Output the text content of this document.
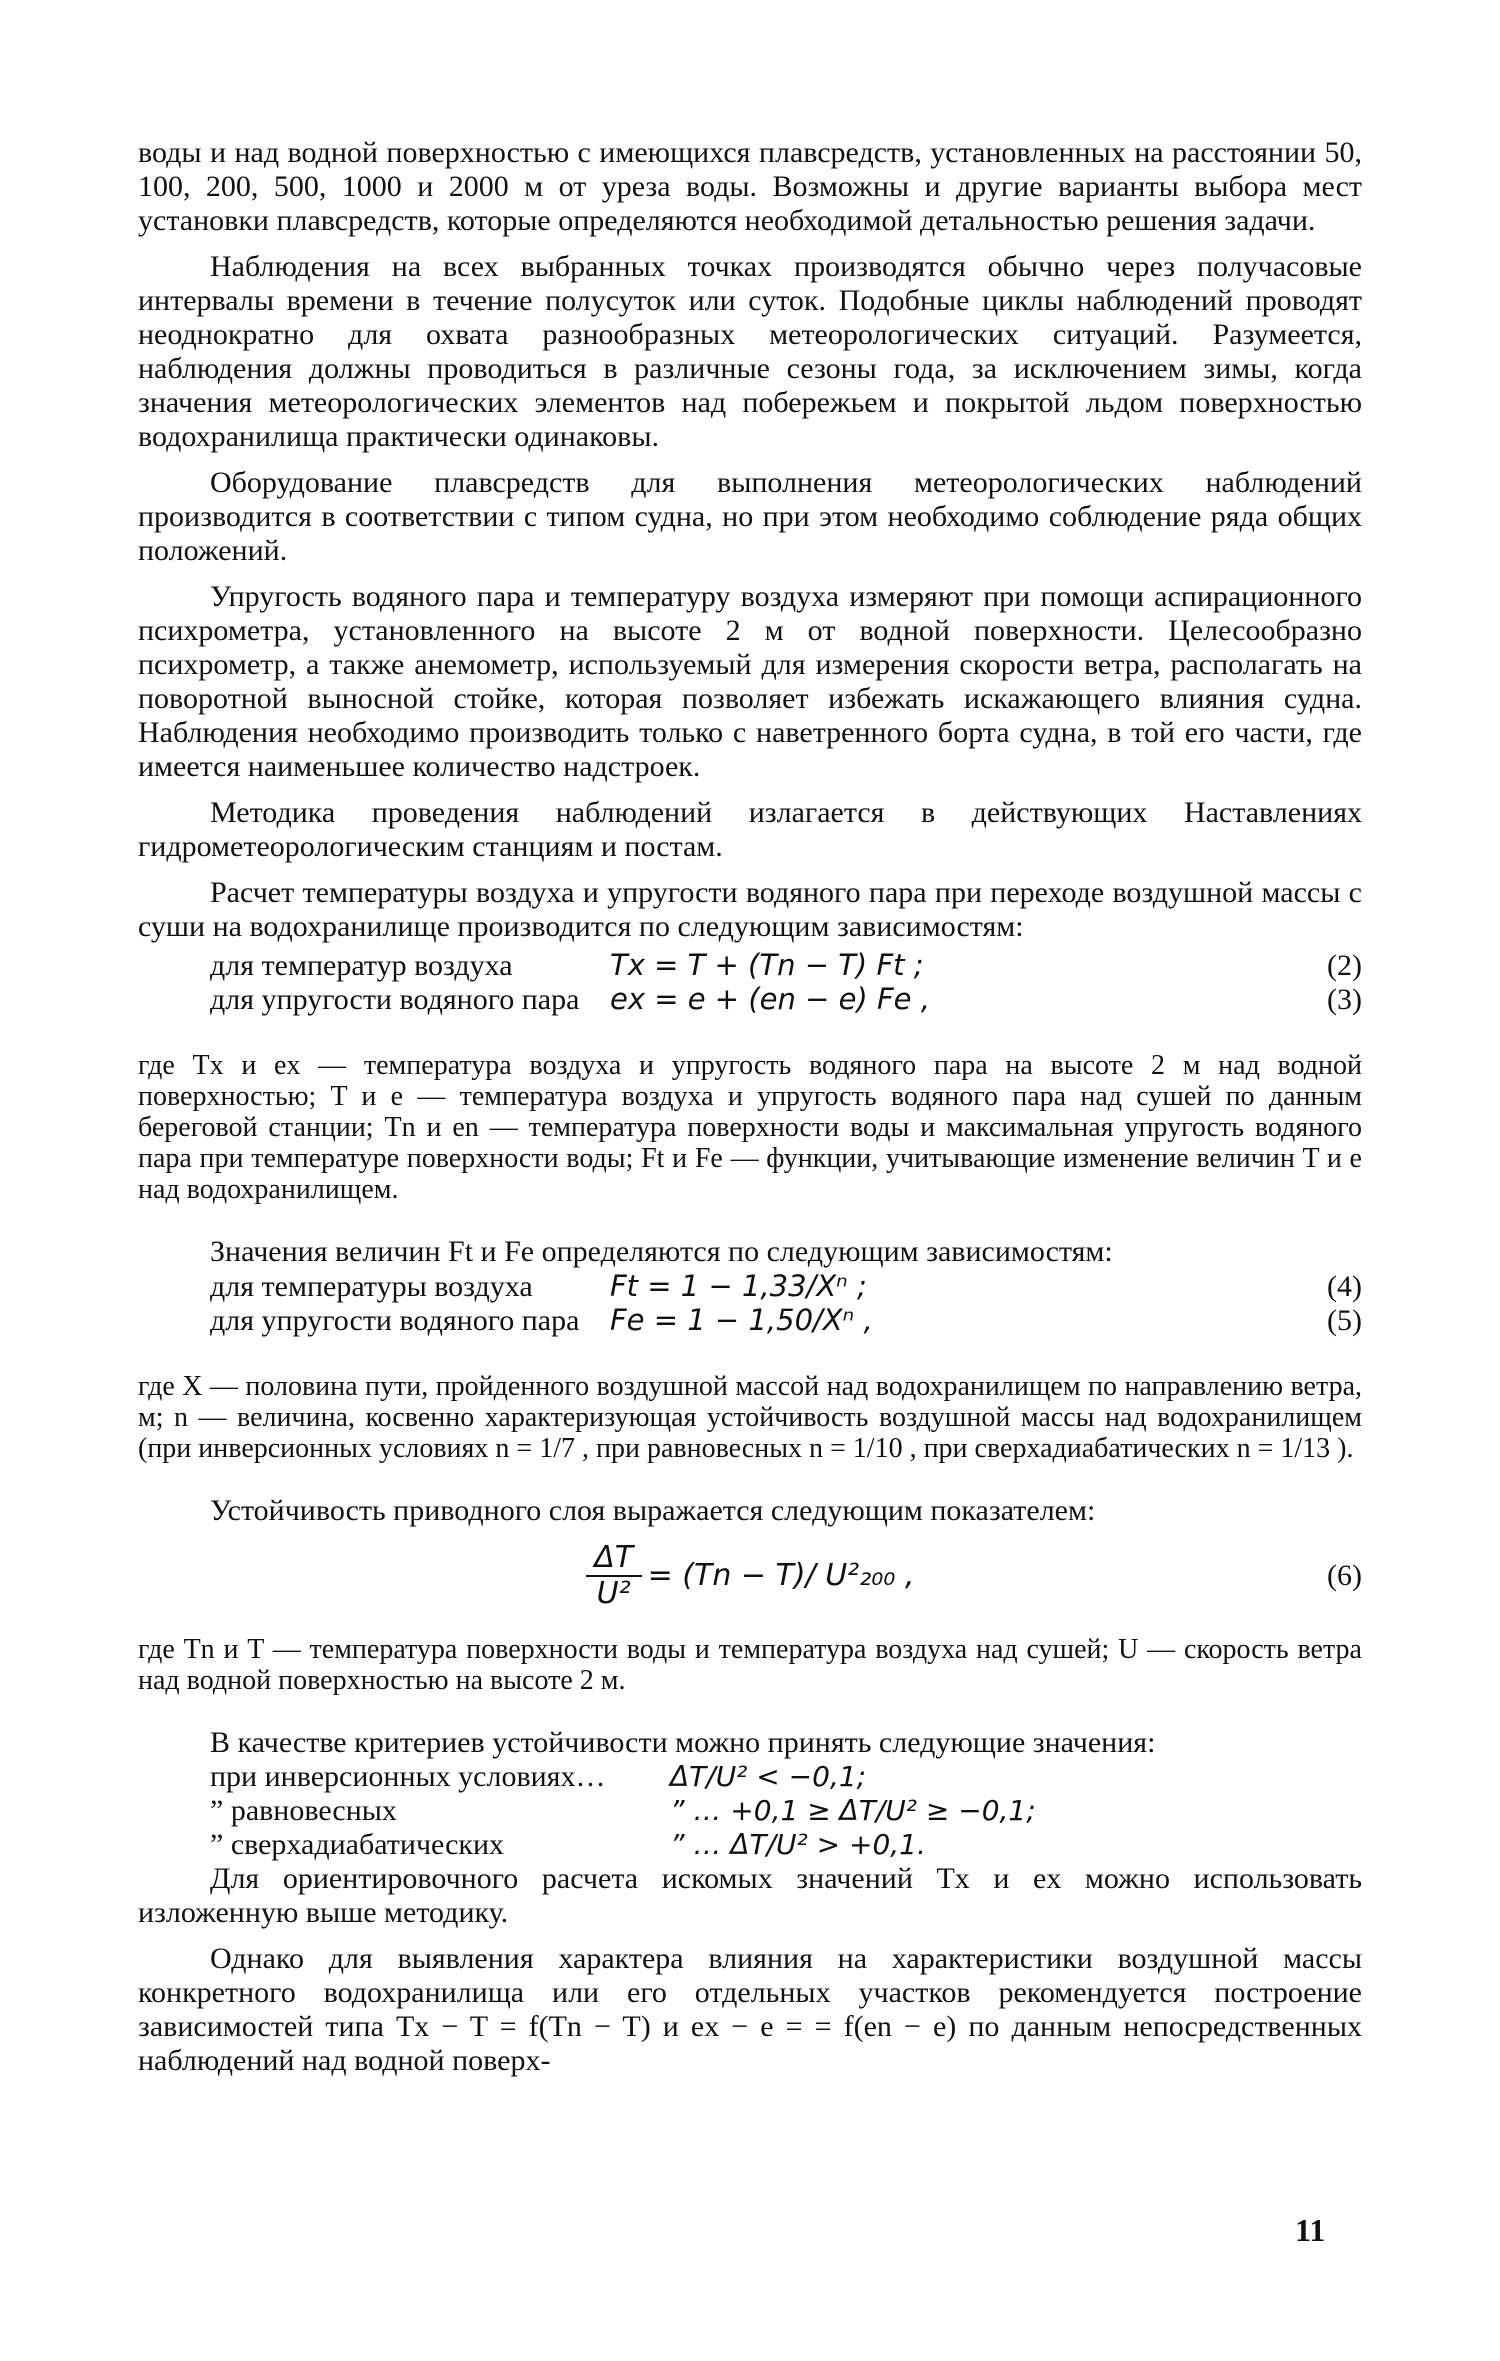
воды и над водной поверхностью с имеющихся плавсредств, установленных на расстоянии 50, 100, 200, 500, 1000 и 2000 м от уреза воды. Возможны и другие варианты выбора мест установки плавсредств, которые определяются необходимой детальностью решения задачи.

Наблюдения на всех выбранных точках производятся обычно через получасовые интервалы времени в течение полусуток или суток. Подобные циклы наблюдений проводят неоднократно для охвата разнообразных метеорологических ситуаций. Разумеется, наблюдения должны проводиться в различные сезоны года, за исключением зимы, когда значения метеорологических элементов над побережьем и покрытой льдом поверхностью водохранилища практически одинаковы.

Оборудование плавсредств для выполнения метеорологических наблюдений производится в соответствии с типом судна, но при этом необходимо соблюдение ряда общих положений.

Упругость водяного пара и температуру воздуха измеряют при помощи аспирационного психрометра, установленного на высоте 2 м от водной поверхности. Целесообразно психрометр, а также анемометр, используемый для измерения скорости ветра, располагать на поворотной выносной стойке, которая позволяет избежать искажающего влияния судна. Наблюдения необходимо производить только с наветренного борта судна, в той его части, где имеется наименьшее количество надстроек.

Методика проведения наблюдений излагается в действующих Наставлениях гидрометеорологическим станциям и постам.

Расчет температуры воздуха и упругости водяного пара при переходе воздушной массы с суши на водохранилище производится по следующим зависимостям:

для температур воздуха	Tx = T + (Tn − T) Ft ;	(2)
для упругости водяного пара	ex = e + (en − e) Fe ,	(3)

где Tx и ex — температура воздуха и упругость водяного пара на высоте 2 м над водной поверхностью; T и e — температура воздуха и упругость водяного пара над сушей по данным береговой станции; Tn и en — температура поверхности воды и максимальная упругость водяного пара при температуре поверхности воды; Ft и Fe — функции, учитывающие изменение величин T и e над водохранилищем.

Значения величин Ft и Fe определяются по следующим зависимостям:

для температуры воздуха	Ft = 1 − 1,33/Xⁿ ;	(4)
для упругости водяного пара	Fe = 1 − 1,50/Xⁿ ,	(5)

где X — половина пути, пройденного воздушной массой над водохранилищем по направлению ветра, м; n — величина, косвенно характеризующая устойчивость воздушной массы над водохранилищем (при инверсионных условиях n = 1/7 , при равновесных n = 1/10 , при сверхадиабатических n = 1/13 ).

Устойчивость приводного слоя выражается следующим показателем:

$\frac{\Delta T}{\text{U²}} = (Tn - T)/$ U²₂₀₀ ,	(6)

где Tn и T — температура поверхности воды и температура воздуха над сушей; U — скорость ветра над водной поверхностью на высоте 2 м.

В качестве критериев устойчивости можно принять следующие значения:

при инверсионных условиях…	ΔT/U² < −0,1;
” равновесных	” … +0,1 ≥ ΔT/U² ≥ −0,1;
” сверхадиабатических	” … ΔT/U² > +0,1.

Для ориентировочного расчета искомых значений Tx и ex можно использовать изложенную выше методику.

Однако для выявления характера влияния на характеристики воздушной массы конкретного водохранилища или его отдельных участков рекомендуется построение зависимостей типа Tx − T = f(Tn − T) и ex − e = = f(en − e) по данным непосредственных наблюдений над водной поверх-

11
